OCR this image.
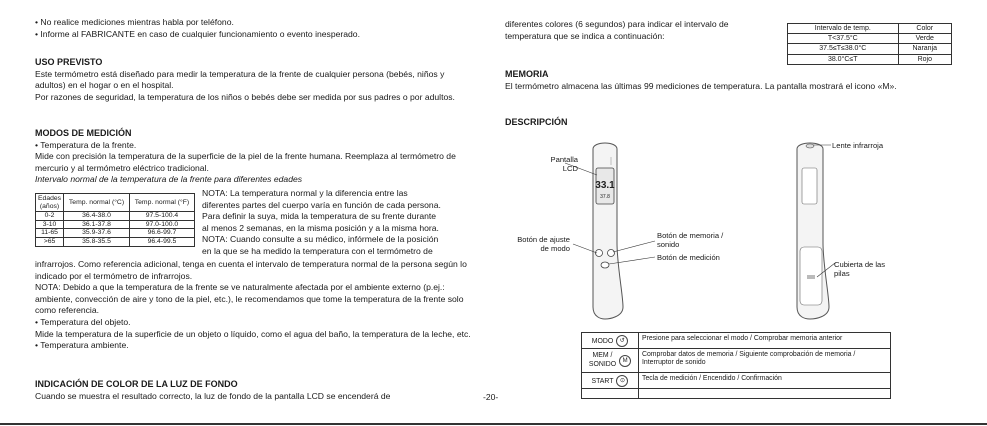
• No realice mediciones mientras habla por teléfono.

• Informe al FABRICANTE en caso de cualquier funcionamiento o evento inesperado.

USO PREVISTO

Este termómetro está diseñado para medir la temperatura de la frente de cualquier persona (bebés, niños y adultos) en el hogar o en el hospital.

Por razones de seguridad, la temperatura de los niños o bebés debe ser medida por sus padres o por adultos.

MODOS DE MEDICIÓN

• Temperatura de la frente.

Mide con precisión la temperatura de la superficie de la piel de la frente humana. Reemplaza al termómetro de mercurio y al termómetro eléctrico tradicional.

Intervalo normal de la temperatura de la frente para diferentes edades

Edades (años)	Temp. normal (°C)	Temp. normal (°F)
0-2	36.4-38.0	97.5-100.4
3-10	36.1-37.8	97.0-100.0
11-65	35.9-37.6	96.6-99.7
>65	35.8-35.5	96.4-99.5

NOTA: La temperatura normal y la diferencia entre las

diferentes partes del cuerpo varía en función de cada persona.

Para definir la suya, mida la temperatura de su frente durante

al menos 2 semanas, en la misma posición y a la misma hora.

NOTA: Cuando consulte a su médico, infórmele de la posición

en la que se ha medido la temperatura con el termómetro de

infrarrojos. Como referencia adicional, tenga en cuenta el intervalo de temperatura normal de la persona según lo indicado por el termómetro de infrarrojos.

NOTA: Debido a que la temperatura de la frente se ve naturalmente afectada por el ambiente externo (p.ej.: ambiente, convección de aire y tono de la piel, etc.), le recomendamos que tome la temperatura de la frente solo como referencia.

• Temperatura del objeto.

Mide la temperatura de la superficie de un objeto o líquido, como el agua del baño, la temperatura de la leche, etc.

• Temperatura ambiente.

INDICACIÓN DE COLOR DE LA LUZ DE FONDO

Cuando se muestra el resultado correcto, la luz de fondo de la pantalla LCD se encenderá de	-20-
diferentes colores (6 segundos) para indicar el intervalo de temperatura que se indica a continuación:
Intervalo de temp.	Color
T<37.5°C	Verde
37.5≤T≤38.0°C	Naranja
38.0°C≤T	Rojo

MEMORIA

El termómetro almacena las últimas 99 mediciones de temperatura. La pantalla mostrará el icono «M».

DESCRIPCIÓN
33.1
37.8

Pantalla

LCD

Botón de ajuste

de modo

Botón de memoria /

sonido

Botón de medición
Lente infrarroja

Cubierta de las

pilas

MODO ↺	Presione para seleccionar el modo / Comprobar memoria anterior

MEM /
SONIDO M	Comprobar datos de memoria / Siguiente comprobación de memoria / Interruptor de sonido
START ⊙	Tecla de medición / Encendido / Confirmación
